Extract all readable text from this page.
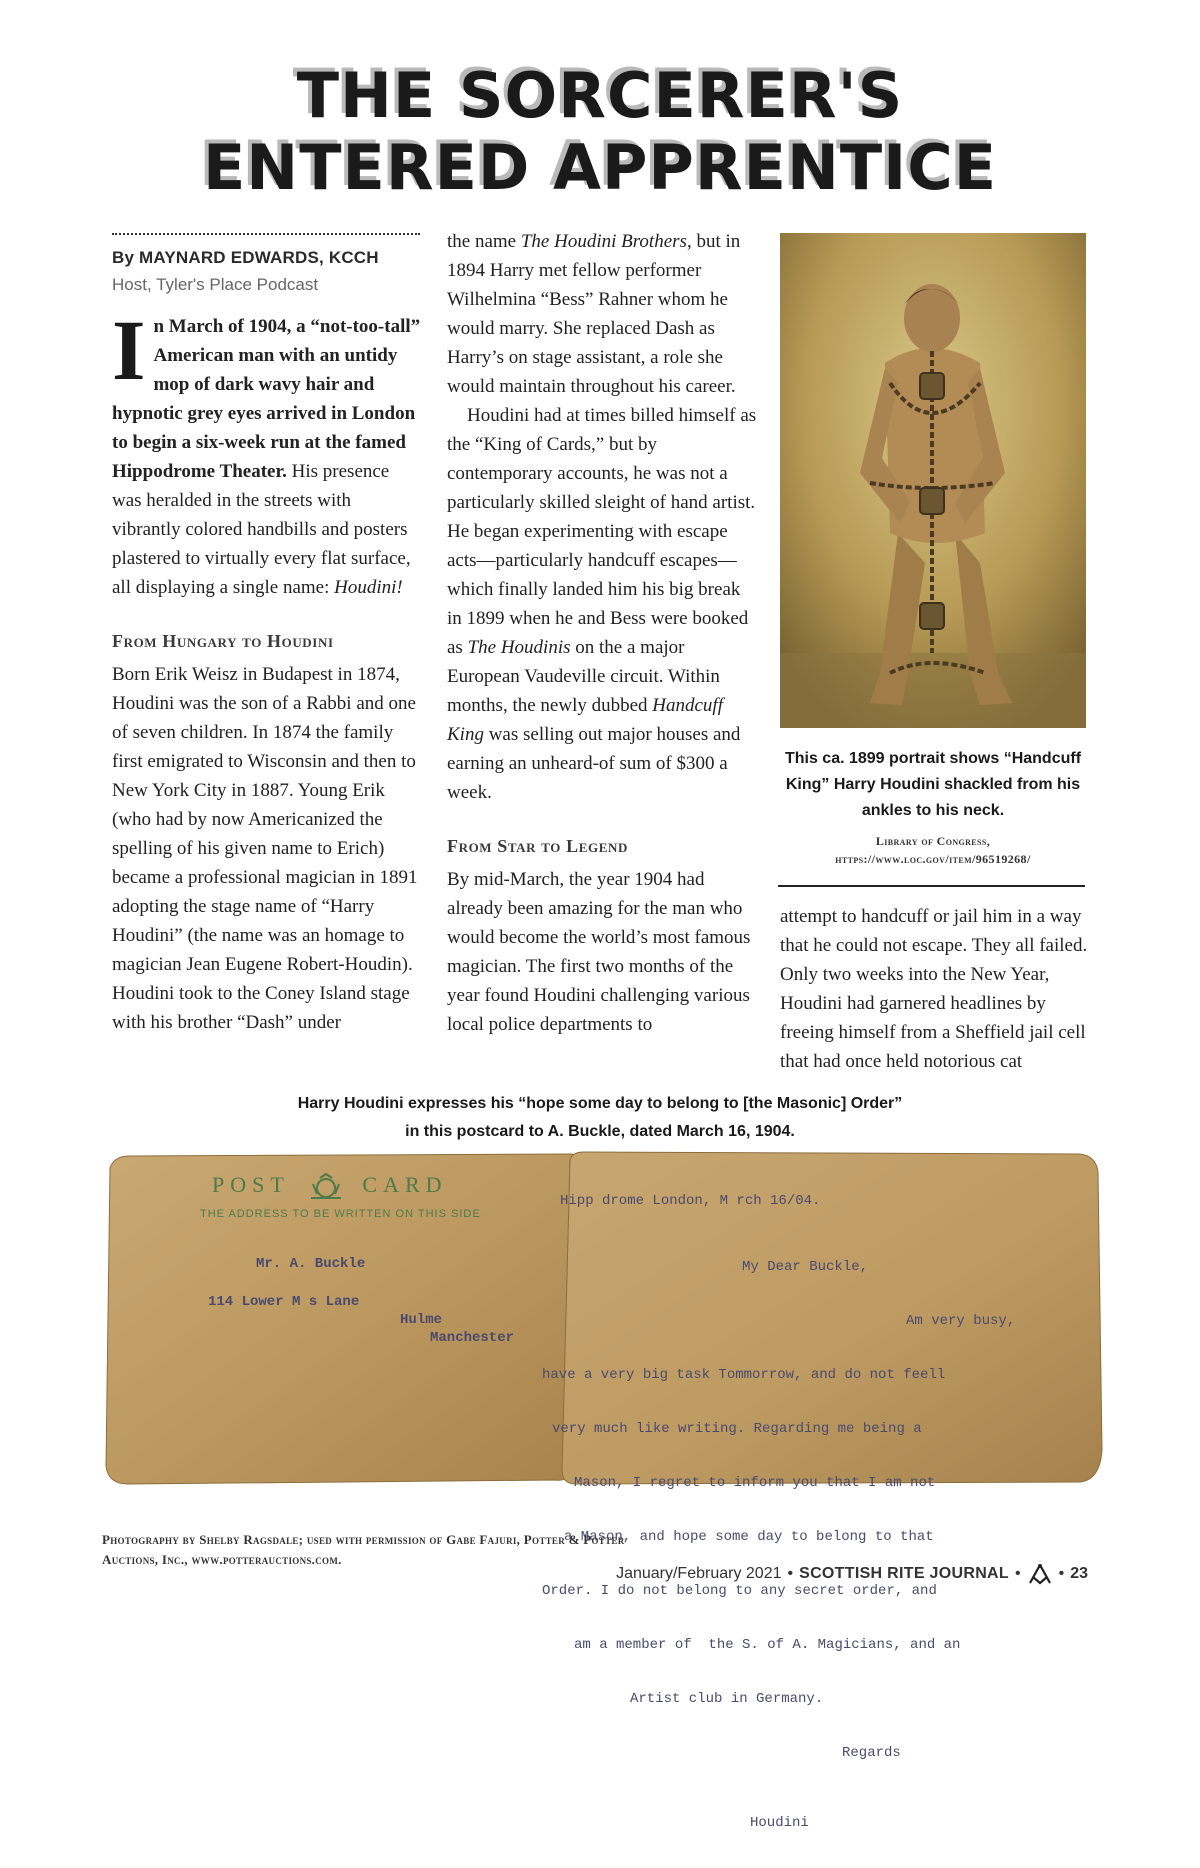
THE SORCERER'S
ENTERED APPRENTICE
By MAYNARD EDWARDS, KCCH
Host, Tyler's Place Podcast

In March of 1904, a “not-too-tall” American man with an untidy mop of dark wavy hair and hypnotic grey eyes arrived in London to begin a six-week run at the famed Hippodrome Theater. His presence was heralded in the streets with vibrantly colored handbills and posters plastered to virtually every flat surface, all displaying a single name: Houdini!

From Hungary to Houdini

Born Erik Weisz in Budapest in 1874, Houdini was the son of a Rabbi and one of seven children. In 1874 the family first emigrated to Wisconsin and then to New York City in 1887. Young Erik (who had by now Americanized the spelling of his given name to Erich) became a professional magician in 1891 adopting the stage name of “Harry Houdini” (the name was an homage to magician Jean Eugene Robert-Houdin). Houdini took to the Coney Island stage with his brother “Dash” under

the name The Houdini Brothers, but in 1894 Harry met fellow performer Wilhelmina “Bess” Rahner whom he would marry. She replaced Dash as Harry’s on stage assistant, a role she would maintain throughout his career.

Houdini had at times billed himself as the “King of Cards,” but by contemporary accounts, he was not a particularly skilled sleight of hand artist. He began experimenting with escape acts—particularly handcuff escapes—which finally landed him his big break in 1899 when he and Bess were booked as The Houdinis on the a major European Vaudeville circuit. Within months, the newly dubbed Handcuff King was selling out major houses and earning an unheard-of sum of $300 a week.

From Star to Legend

By mid-March, the year 1904 had already been amazing for the man who would become the world’s most famous magician. The first two months of the year found Houdini challenging various local police departments to

attempt to handcuff or jail him in a way that he could not escape. They all failed. Only two weeks into the New Year, Houdini had garnered headlines by freeing himself from a Sheffield jail cell that had once held notorious cat

This ca. 1899 portrait shows “Handcuff King” Harry Houdini shackled from his ankles to his neck.
Library of Congress, https://www.loc.gov/item/96519268/
Harry Houdini expresses his “hope some day to belong to [the Masonic] Order”
in this postcard to A. Buckle, dated March 16, 1904.
POST	CARD
THE ADDRESS TO BE WRITTEN ON THIS SIDE
Mr. A. Buckle
114 Lower M s Lane
Hulme
Manchester

Hipp drome London, M rch 16/04.

My Dear Buckle,

Am very busy,

have a very big task Tommorrow, and do not feell

very much like writing. Regarding me being a

Mason, I regret to inform you that I am not

a Mason, and hope some day to belong to that

Order. I do not belong to any secret order, and

am a member of  the S. of A. Magicians, and an

Artist club in Germany.

Regards

Houdini

Photography by Shelby Ragsdale; used with permission of Gabe Fajuri, Potter & Potter Auctions, Inc., www.potterauctions.com.
January/February 2021 • SCOTTISH RITE JOURNAL • • 23
